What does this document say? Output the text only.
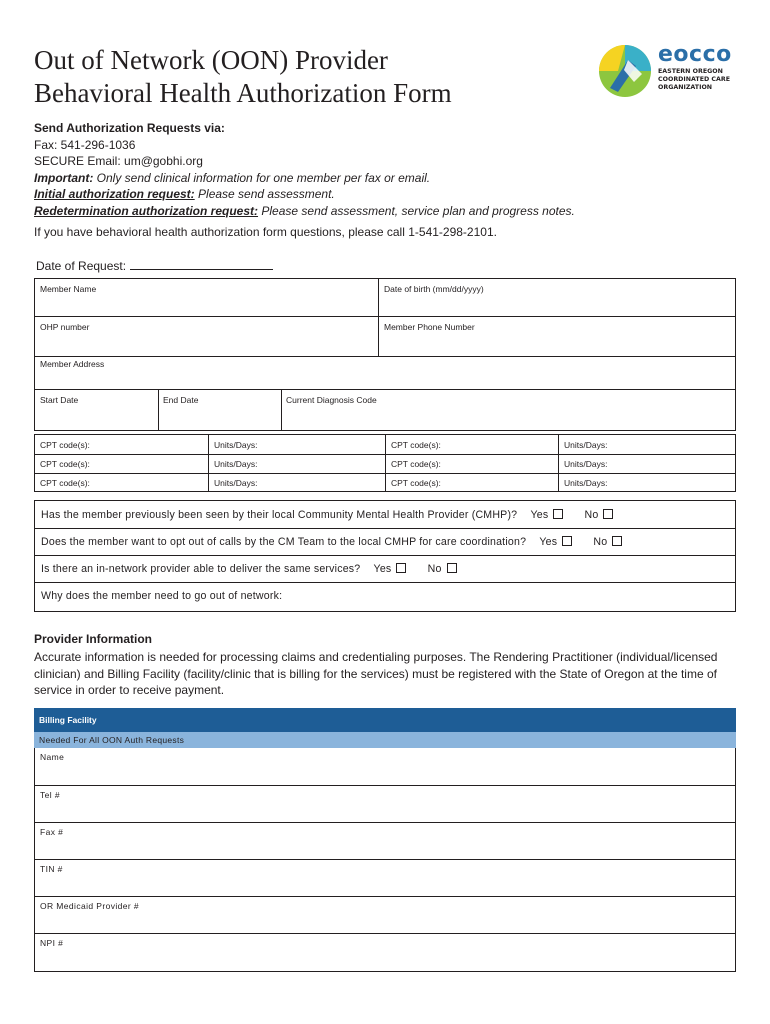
Out of Network (OON) Provider
Behavioral Health Authorization Form
eocco
EASTERN OREGON
COORDINATED CARE
ORGANIZATION
Send Authorization Requests via:
Fax: 541-296-1036
SECURE Email: um@gobhi.org
Important: Only send clinical information for one member per fax or email.
Initial authorization request: Please send assessment.
Redetermination authorization request: Please send assessment, service plan and progress notes.
If you have behavioral health authorization form questions, please call 1-541-298-2101.
Date of Request:
Member Name	Date of birth (mm/dd/yyyy)
OHP number	Member Phone Number
Member Address
Start Date	End Date	Current Diagnosis Code
CPT code(s):	Units/Days:	CPT code(s):	Units/Days:
CPT code(s):	Units/Days:	CPT code(s):	Units/Days:
CPT code(s):	Units/Days:	CPT code(s):	Units/Days:
Has the member previously been seen by their local Community Mental Health Provider (CMHP)? Yes	No
Does the member want to opt out of calls by the CM Team to the local CMHP for care coordination? Yes	No
Is there an in-network provider able to deliver the same services? Yes	No
Why does the member need to go out of network:
Provider Information
Accurate information is needed for processing claims and credentialing purposes. The Rendering Practitioner (individual/licensed clinician) and Billing Facility (facility/clinic that is billing for the services) must be registered with the State of Oregon at the time of service in order to receive payment.
Billing Facility
Needed For All OON Auth Requests
Name
Tel #
Fax #
TIN #
OR Medicaid Provider #
NPI #
